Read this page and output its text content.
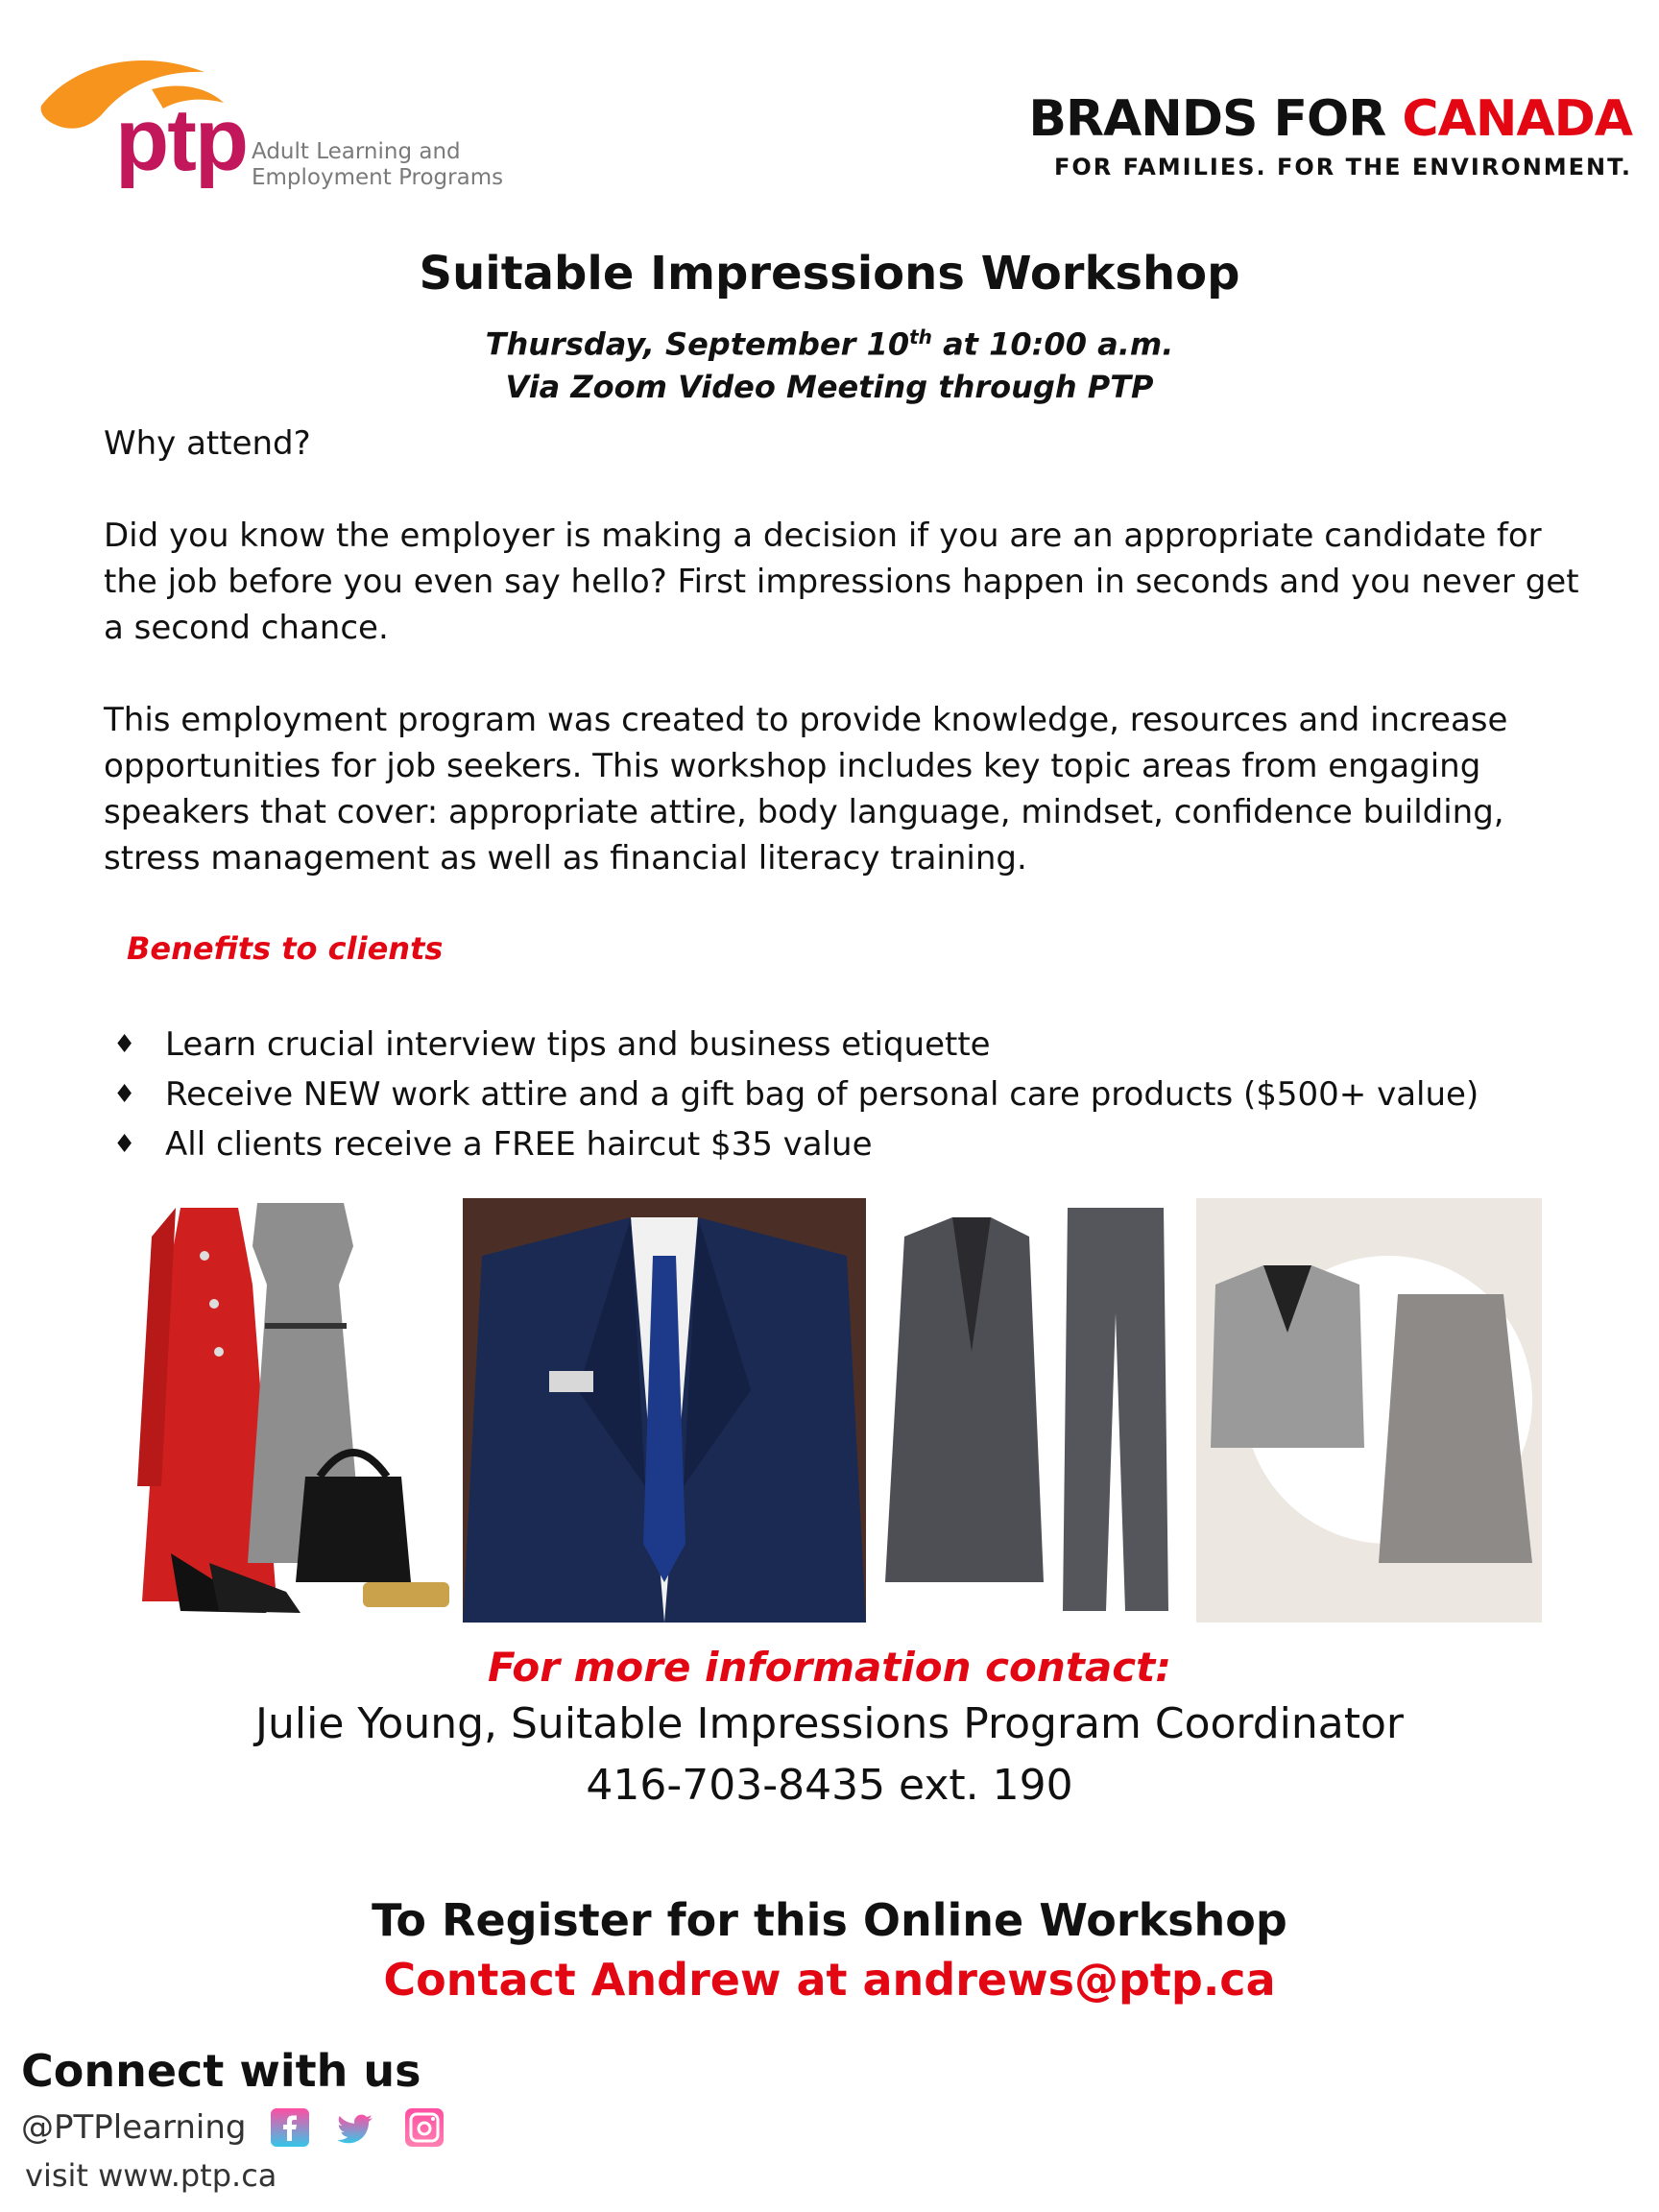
ptp Adult Learning and
Employment Programs
BRANDS FOR CANADA
FOR FAMILIES. FOR THE ENVIRONMENT.
Suitable Impressions Workshop
Thursday, September 10th at 10:00 a.m.
Via Zoom Video Meeting through PTP
Why attend?
Did you know the employer is making a decision if you are an appropriate candidate for the job before you even say hello? First impressions happen in seconds and you never get a second chance.
This employment program was created to provide knowledge, resources and increase opportunities for job seekers. This workshop includes key topic areas from engaging speakers that cover: appropriate attire, body language, mindset, confidence building, stress management as well as financial literacy training.
Benefits to clients
♦ Learn crucial interview tips and business etiquette
♦ Receive NEW work attire and a gift bag of personal care products ($500+ value)
♦ All clients receive a FREE haircut $35 value
For more information contact:
Julie Young, Suitable Impressions Program Coordinator
416-703-8435 ext. 190
To Register for this Online Workshop
Contact Andrew at andrews@ptp.ca
Connect with us
@PTPlearning
visit www.ptp.ca
